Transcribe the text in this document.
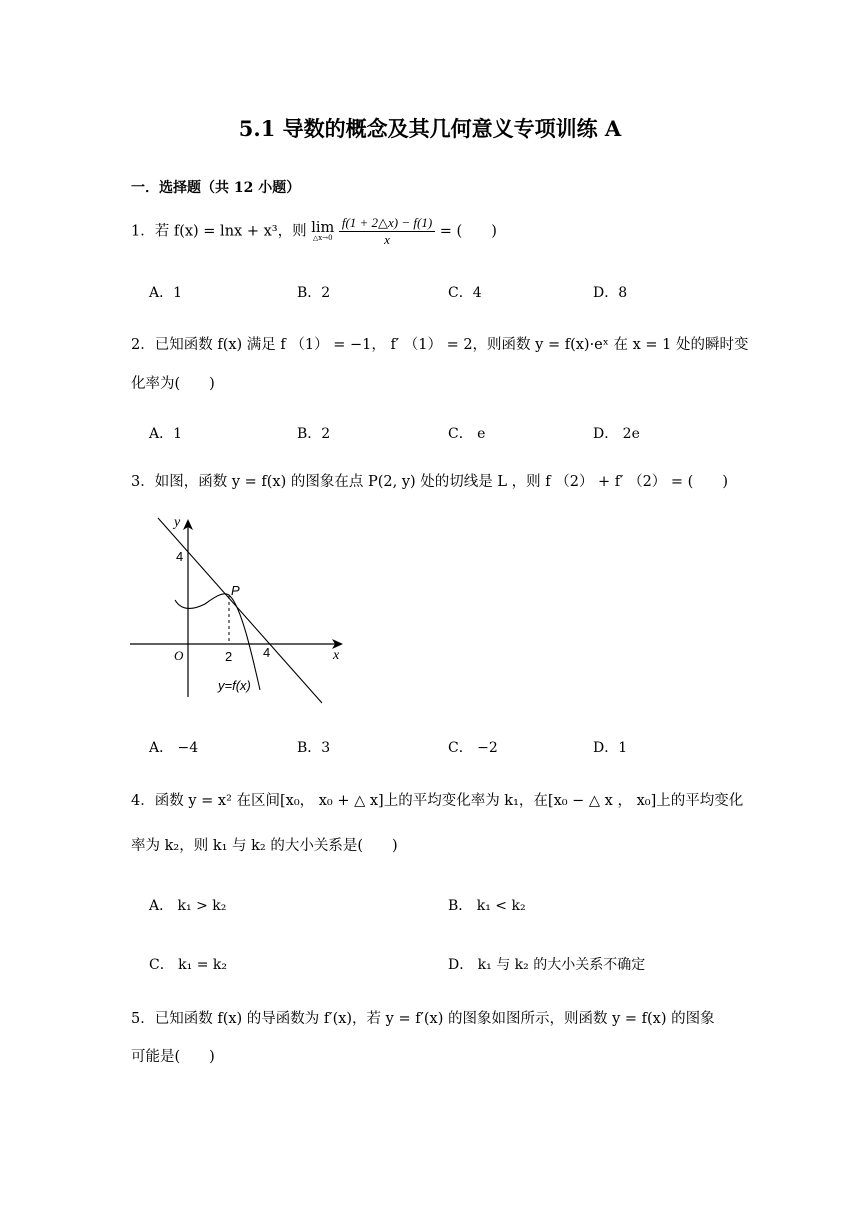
5.1 导数的概念及其几何意义专项训练 A
一．选择题（共 12 小题）
1．若 f(x) = lnx + x³，则 lim
△x→0
$\frac{f(1 + 2\triangle x) - f(1)}{x}$ = (　　)
A．1	B．2	C．4	D．8
2．已知函数 f(x) 满足 f （1） = −1， f′ （1） = 2，则函数 y = f(x)·eˣ 在 x = 1 处的瞬时变
化率为(　　)
A．1	B．2	C． e	D． 2e
3．如图，函数 y = f(x) 的图象在点 P(2, y) 处的切线是 L ，则 f （2） + f′ （2） = (　　)
y
x
O
4
2 4
P
y=f(x)
A． −4	B．3	C． −2	D．1
4．函数 y = x² 在区间[x₀， x₀ + △ x]上的平均变化率为 k₁，在[x₀ − △ x ， x₀]上的平均变化
率为 k₂，则 k₁ 与 k₂ 的大小关系是(　　)
A． k₁ > k₂	B． k₁ < k₂
C． k₁ = k₂	D． k₁ 与 k₂ 的大小关系不确定
5．已知函数 f(x) 的导函数为 f′(x)，若 y = f′(x) 的图象如图所示，则函数 y = f(x) 的图象
可能是(　　)
